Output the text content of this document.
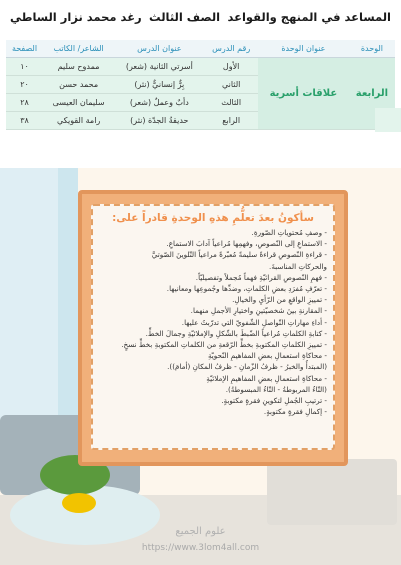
المساعد في المنهج والقواعد
الصف الثالث
رغد محمد نزار الساطي
الوحدة	عنوان الوحدة	رقم الدرس	عنوان الدرس	الشاعر/ الكاتب	الصفحة
الرابعة	علاقات أسرية	الأول	أسرتي الثانية (شعر)	ممدوح سليم	١٠
		الثاني	بِرٌّ إنسانيٌّ (نثر)	محمد حسن	٢٠
		الثالث	دأبٌ وعملٌ (شعر)	سليمان العيسى	٢٨
		الرابع	حديقةُ الجدّة (نثر)	رامة القويكي	٣٨
علوم الجميع
https://www.3lom4all.com
سأكونُ بعدَ تعلُّمِ هذهِ الوحدةِ قادراً على:
- وصفِ مُحتوياتِ الصّورةِ.
- الاستماعِ إلى النّصوصِ، وفهمِها مُراعياً آدابَ الاستماعِ.
- قراءةِ النّصوصِ قراءةً سليمةً مُعبّرةً مراعياً التّلوينَ الصّوتيَّ
والحركاتِ المناسبةَ.
- فهمِ النّصوصِ القرائيّةِ فهماً مُجملاً وتفصيليّاً.
- تعرّفِ مُفرَدِ بعضِ الكلماتِ، وضدِّها وجُموعِها ومعانيها.
- تمييزِ الواقعِ من الرّأيِ والخيالِ.
- المقارنةِ بينَ شخصيّتينِ واختيارِ الأجملِ منهما.
- أداءِ مهاراتِ التّواصلِ الشّفويّ التي تدرّبتُ عليها.
- كتابةِ الكلماتِ مُراعياً الضّبطَ بالشّكلِ والإملائيّةِ وجمالَ الخطِّ.
- تمييزِ الكلماتِ المكتوبةِ بخطِّ الرّقعةِ من الكلماتِ المكتوبةِ بخطِّ نسخٍ.
- محاكاةِ استعمالِ بعضِ المفاهيمِ النّحويّةِ
(المبتدأُ والخبرُ - ظرفُ الزّمانِ - ظرفُ المكانِ (أمامَ)).
- محاكاةِ استعمالِ بعضِ المفاهيمِ الإملائيّةِ
(التّاءُ المربوطةُ - التّاءُ المبسوطةُ).
- ترتيبِ الجُملِ لتكوينِ فقرةٍ مكتوبةٍ.
- إكمالِ فقرةٍ مكتوبةٍ.
